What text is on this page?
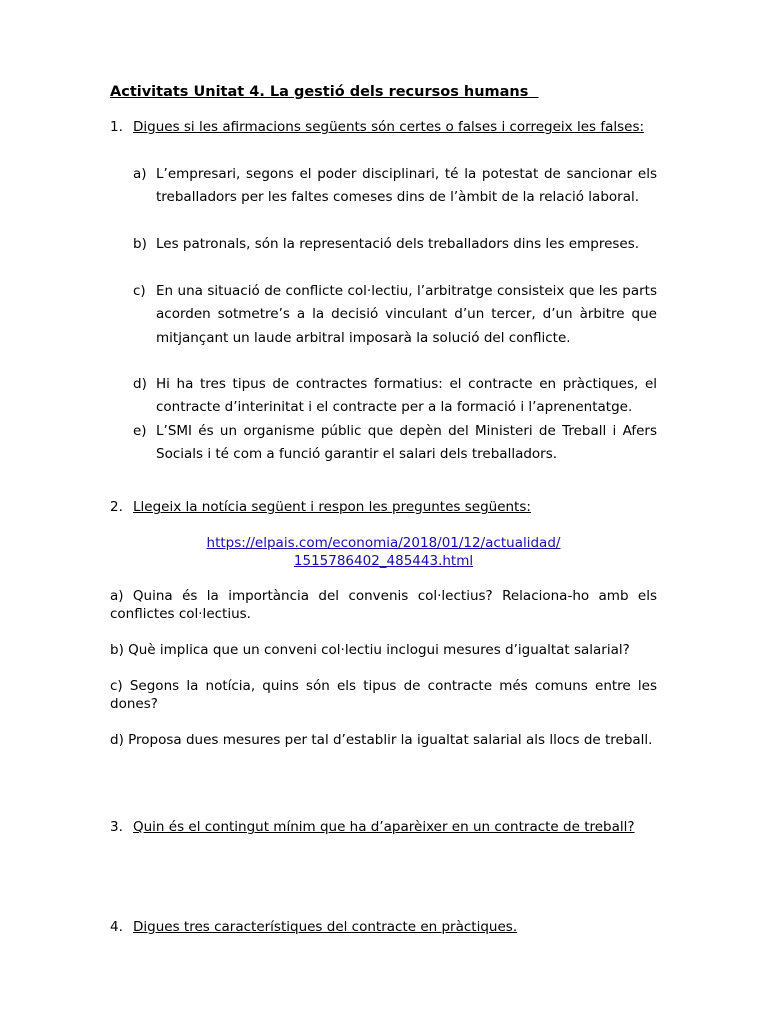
Activitats Unitat 4. La gestió dels recursos humans
1. Digues si les afirmacions següents són certes o falses i corregeix les falses:
a) L’empresari, segons el poder disciplinari, té la potestat de sancionar els treballadors per les faltes comeses dins de l’àmbit de la relació laboral.
b) Les patronals, són la representació dels treballadors dins les empreses.
c) En una situació de conflicte col·lectiu, l’arbitratge consisteix que les parts acorden sotmetre’s a la decisió vinculant d’un tercer, d’un àrbitre que mitjançant un laude arbitral imposarà la solució del conflicte.
d) Hi ha tres tipus de contractes formatius: el contracte en pràctiques, el contracte d’interinitat i el contracte per a la formació i l’aprenentatge.
e) L’SMI és un organisme públic que depèn del Ministeri de Treball i Afers Socials i té com a funció garantir el salari dels treballadors.
2. Llegeix la notícia següent i respon les preguntes següents:
https://elpais.com/economia/2018/01/12/actualidad/
1515786402_485443.html

a) Quina és la importància del convenis col·lectius? Relaciona-ho amb els conflictes col·lectius.

b) Què implica que un conveni col·lectiu inclogui mesures d’igualtat salarial?

c) Segons la notícia, quins són els tipus de contracte més comuns entre les dones?

d) Proposa dues mesures per tal d’establir la igualtat salarial als llocs de treball.

3. Quin és el contingut mínim que ha d’aparèixer en un contracte de treball?
4. Digues tres característiques del contracte en pràctiques.
